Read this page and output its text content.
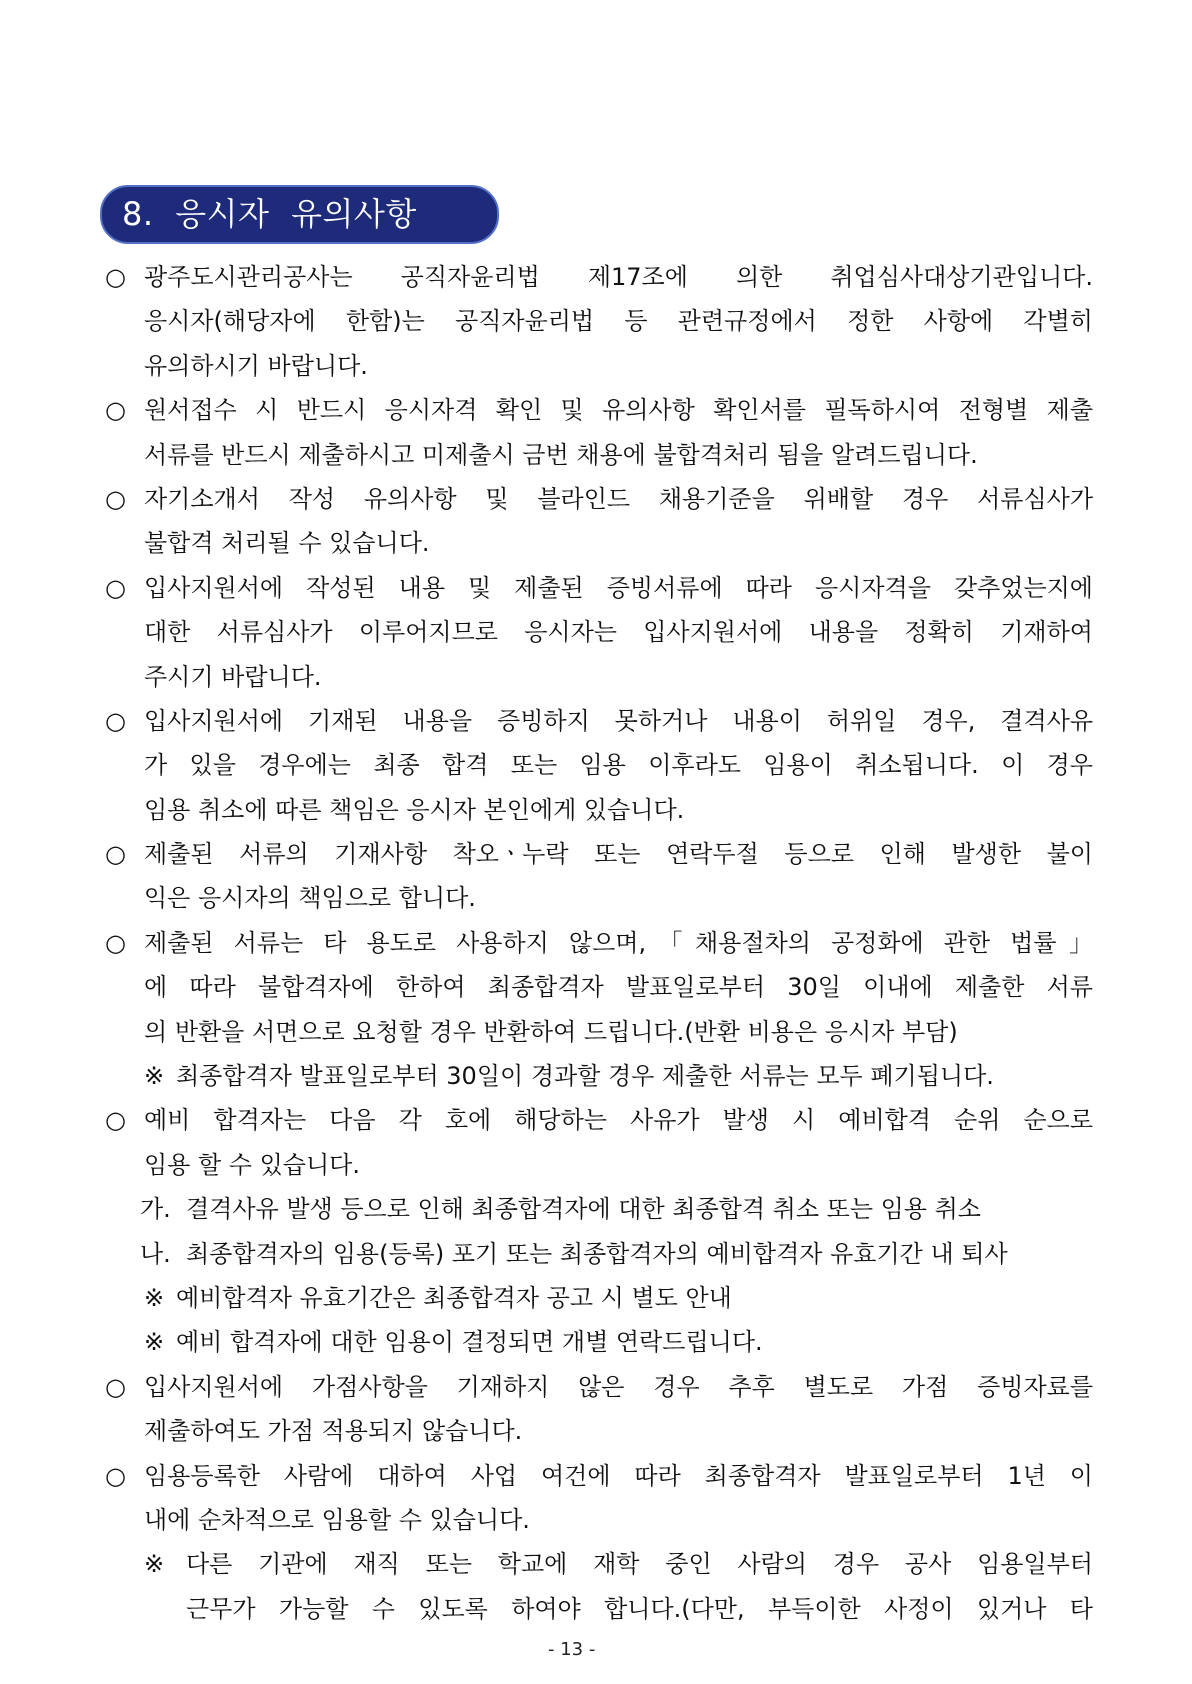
8. 응시자 유의사항
○ 광주도시관리공사는 공직자윤리법 제17조에 의한 취업심사대상기관입니다.
응시자(해당자에 한함)는 공직자윤리법 등 관련규정에서 정한 사항에 각별히
유의하시기 바랍니다.
○ 원서접수 시 반드시 응시자격 확인 및 유의사항 확인서를 필독하시여 전형별 제출
서류를 반드시 제출하시고 미제출시 금번 채용에 불합격처리 됨을 알려드립니다.
○ 자기소개서 작성 유의사항 및 블라인드 채용기준을 위배할 경우 서류심사가
불합격 처리될 수 있습니다.
○ 입사지원서에 작성된 내용 및 제출된 증빙서류에 따라 응시자격을 갖추었는지에
대한 서류심사가 이루어지므로 응시자는 입사지원서에 내용을 정확히 기재하여
주시기 바랍니다.
○ 입사지원서에 기재된 내용을 증빙하지 못하거나 내용이 허위일 경우, 결격사유
가 있을 경우에는 최종 합격 또는 임용 이후라도 임용이 취소됩니다. 이 경우
임용 취소에 따른 책임은 응시자 본인에게 있습니다.
○ 제출된 서류의 기재사항 착오ㆍ누락 또는 연락두절 등으로 인해 발생한 불이
익은 응시자의 책임으로 합니다.
○ 제출된 서류는 타 용도로 사용하지 않으며,「채용절차의 공정화에 관한 법률」
에 따라 불합격자에 한하여 최종합격자 발표일로부터 30일 이내에 제출한 서류
의 반환을 서면으로 요청할 경우 반환하여 드립니다.(반환 비용은 응시자 부담)
※ 최종합격자 발표일로부터 30일이 경과할 경우 제출한 서류는 모두 폐기됩니다.
○ 예비 합격자는 다음 각 호에 해당하는 사유가 발생 시 예비합격 순위 순으로
임용 할 수 있습니다.
가. 결격사유 발생 등으로 인해 최종합격자에 대한 최종합격 취소 또는 임용 취소
나. 최종합격자의 임용(등록) 포기 또는 최종합격자의 예비합격자 유효기간 내 퇴사
※ 예비합격자 유효기간은 최종합격자 공고 시 별도 안내
※ 예비 합격자에 대한 임용이 결정되면 개별 연락드립니다.
○ 입사지원서에 가점사항을 기재하지 않은 경우 추후 별도로 가점 증빙자료를
제출하여도 가점 적용되지 않습니다.
○ 임용등록한 사람에 대하여 사업 여건에 따라 최종합격자 발표일로부터 1년 이
내에 순차적으로 임용할 수 있습니다.
※ 다른 기관에 재직 또는 학교에 재학 중인 사람의 경우 공사 임용일부터
근무가 가능할 수 있도록 하여야 합니다.(다만, 부득이한 사정이 있거나 타
- 13 -
